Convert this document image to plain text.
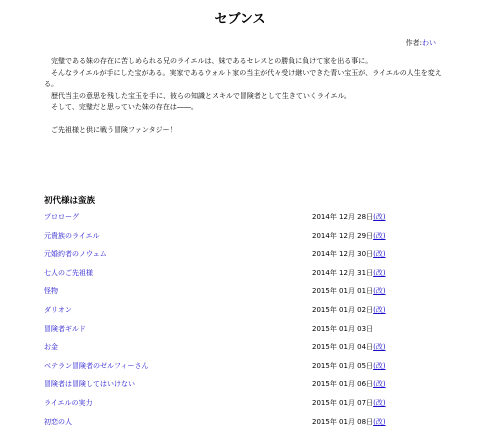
セブンス
作者:わい
　完璧である妹の存在に苦しめられる兄のライエルは、妹であるセレスとの勝負に負けて家を出る事に。
　そんなライエルが手にした宝がある。実家であるウォルト家の当主が代々受け継いできた青い宝玉が、ライエルの人生を変える。
　歴代当主の意思を残した宝玉を手に、彼らの知識とスキルで冒険者として生きていくライエル。
　そして、完璧だと思っていた妹の存在は――。

　ご先祖様と供に戦う冒険ファンタジー！
初代様は蛮族
プロローグ	2014年 12月 28日(改)
元貴族のライエル	2014年 12月 29日(改)
元婚約者のノウェム	2014年 12月 30日(改)
七人のご先祖様	2014年 12月 31日(改)
怪物	2015年 01月 01日(改)
ダリオン	2015年 01月 02日(改)
冒険者ギルド	2015年 01月 03日
お金	2015年 01月 04日(改)
ベテラン冒険者のゼルフィーさん	2015年 01月 05日(改)
冒険者は冒険してはいけない	2015年 01月 06日(改)
ライエルの実力	2015年 01月 07日(改)
初恋の人	2015年 01月 08日(改)
